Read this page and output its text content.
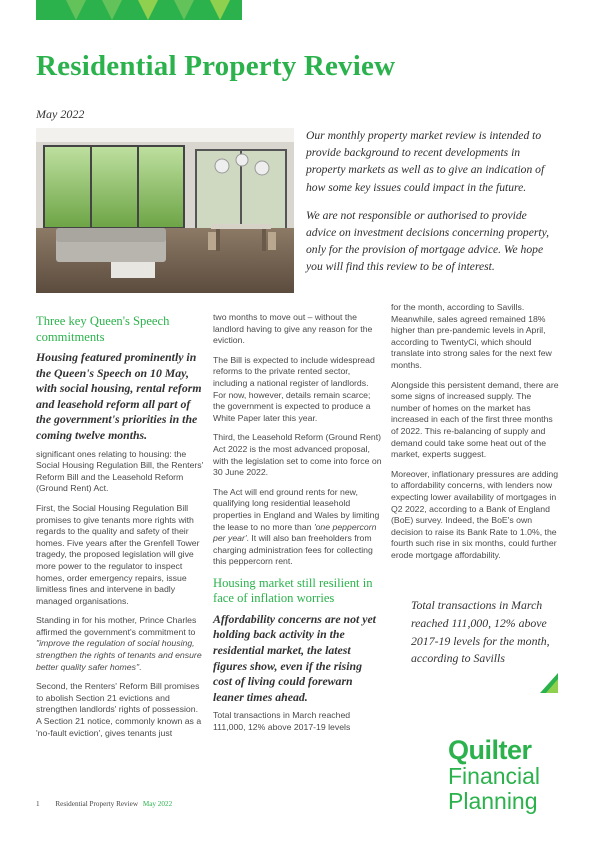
Residential Property Review
May 2022

Our monthly property market review is intended to provide background to recent developments in property markets as well as to give an indication of how some key issues could impact in the future.

We are not responsible or authorised to provide advice on investment decisions concerning property, only for the provision of mortgage advice. We hope you will find this review to be of interest.

Three key Queen's Speech commitments
Housing featured prominently in the Queen's Speech on 10 May, with social housing, rental reform and leasehold reform all part of the government's priorities in the coming twelve months.

significant ones relating to housing: the Social Housing Regulation Bill, the Renters' Reform Bill and the Leasehold Reform (Ground Rent) Act.

First, the Social Housing Regulation Bill promises to give tenants more rights with regards to the quality and safety of their homes. Five years after the Grenfell Tower tragedy, the proposed legislation will give more power to the regulator to inspect homes, order emergency repairs, issue limitless fines and intervene in badly managed organisations.

Standing in for his mother, Prince Charles affirmed the government's commitment to "improve the regulation of social housing, strengthen the rights of tenants and ensure better quality safer homes".

Second, the Renters' Reform Bill promises to abolish Section 21 evictions and strengthen landlords' rights of possession. A Section 21 notice, commonly known as a 'no-fault eviction', gives tenants just

two months to move out – without the landlord having to give any reason for the eviction.

The Bill is expected to include widespread reforms to the private rented sector, including a national register of landlords. For now, however, details remain scarce; the government is expected to produce a White Paper later this year.

Third, the Leasehold Reform (Ground Rent) Act 2022 is the most advanced proposal, with the legislation set to come into force on 30 June 2022.

The Act will end ground rents for new, qualifying long residential leasehold properties in England and Wales by limiting the lease to no more than 'one peppercorn per year'. It will also ban freeholders from charging administration fees for collecting this peppercorn rent.

Housing market still resilient in face of inflation worries
Affordability concerns are not yet holding back activity in the residential market, the latest figures show, even if the rising cost of living could forewarn leaner times ahead.

Total transactions in March reached 111,000, 12% above 2017-19 levels

for the month, according to Savills. Meanwhile, sales agreed remained 18% higher than pre-pandemic levels in April, according to TwentyCi, which should translate into strong sales for the next few months.

Alongside this persistent demand, there are some signs of increased supply. The number of homes on the market has increased in each of the first three months of 2022. This re-balancing of supply and demand could take some heat out of the market, experts suggest.

Moreover, inflationary pressures are adding to affordability concerns, with lenders now expecting lower availability of mortgages in Q2 2022, according to a Bank of England (BoE) survey. Indeed, the BoE's own decision to raise its Bank Rate to 1.0%, the fourth such rise in six months, could further erode mortgage affordability.

Total transactions in March reached 111,000, 12% above 2017-19 levels for the month, according to Savills
Quilter
Financial
Planning
1 Residential Property Review May 2022
